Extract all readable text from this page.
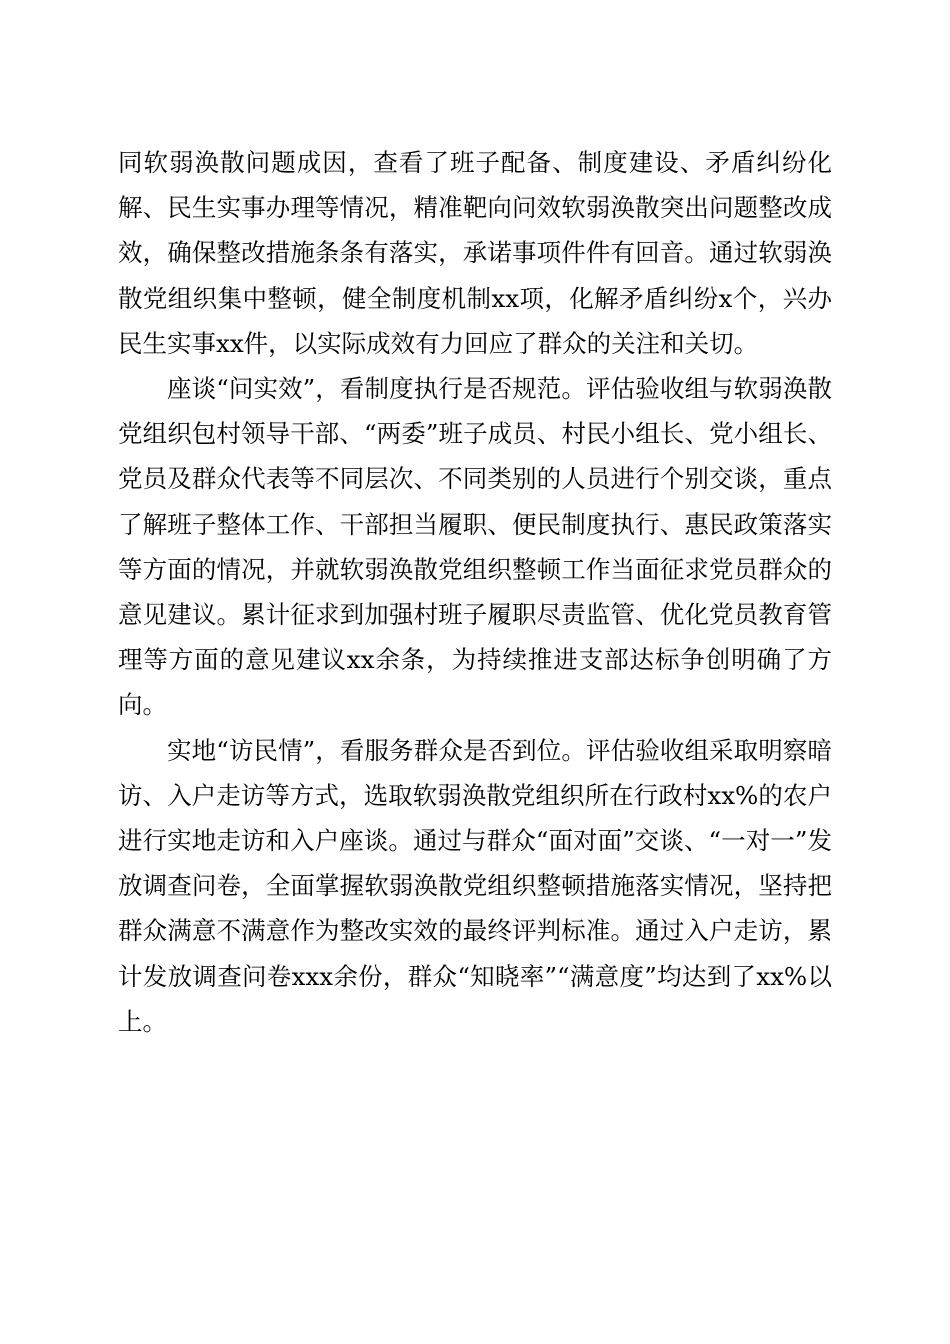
同软弱涣散问题成因，查看了班子配备、制度建设、矛盾纠纷化解、民生实事办理等情况，精准靶向问效软弱涣散突出问题整改成效，确保整改措施条条有落实，承诺事项件件有回音。通过软弱涣散党组织集中整顿，健全制度机制xx项，化解矛盾纠纷x个，兴办民生实事xx件，以实际成效有力回应了群众的关注和关切。

座谈“问实效”，看制度执行是否规范。评估验收组与软弱涣散党组织包村领导干部、“两委”班子成员、村民小组长、党小组长、党员及群众代表等不同层次、不同类别的人员进行个别交谈，重点了解班子整体工作、干部担当履职、便民制度执行、惠民政策落实等方面的情况，并就软弱涣散党组织整顿工作当面征求党员群众的意见建议。累计征求到加强村班子履职尽责监管、优化党员教育管理等方面的意见建议xx余条，为持续推进支部达标争创明确了方向。

实地“访民情”，看服务群众是否到位。评估验收组采取明察暗访、入户走访等方式，选取软弱涣散党组织所在行政村xx%的农户进行实地走访和入户座谈。通过与群众“面对面”交谈、“一对一”发放调查问卷，全面掌握软弱涣散党组织整顿措施落实情况，坚持把群众满意不满意作为整改实效的最终评判标准。通过入户走访，累计发放调查问卷xxx余份，群众“知晓率”“满意度”均达到了xx%以上。
